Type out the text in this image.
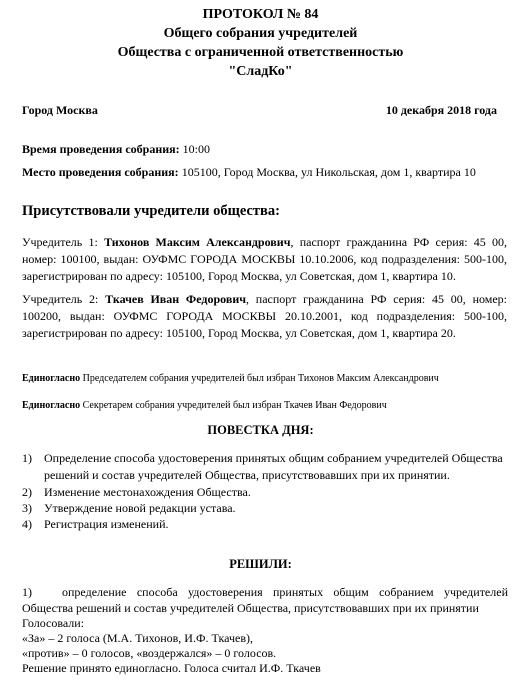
ПРОТОКОЛ № 84
Общего собрания учредителей
Общества с ограниченной ответственностью
"СладКо"
Город Москва	10 декабря 2018 года
Время проведения собрания: 10:00
Место проведения собрания: 105100, Город Москва, ул Никольская, дом 1, квартира 10
Присутствовали учредители общества:
Учредитель 1: Тихонов Максим Александрович, паспорт гражданина РФ серия: 45 00,
номер: 100100, выдан: ОУФМС ГОРОДА МОСКВЫ 10.10.2006, код подразделения: 500-100,
зарегистрирован по адресу: 105100, Город Москва, ул Советская, дом 1, квартира 10.
Учредитель 2: Ткачев Иван Федорович, паспорт гражданина РФ серия: 45 00, номер:
100200, выдан: ОУФМС ГОРОДА МОСКВЫ 20.10.2001, код подразделения: 500-100,
зарегистрирован по адресу: 105100, Город Москва, ул Советская, дом 1, квартира 20.
Единогласно Председателем собрания учредителей был избран Тихонов Максим Александрович
Единогласно Секретарем собрания учредителей был избран Ткачев Иван Федорович
ПОВЕСТКА ДНЯ:
1) Определение способа удостоверения принятых общим собранием учредителей Общества
решений и состав учредителей Общества, присутствовавших при их принятии.
2) Изменение местонахождения Общества.
3) Утверждение новой редакции устава.
4) Регистрация изменений.
РЕШИЛИ:
1)	определение способа удостоверения принятых общим собранием учредителей
Общества решений и состав учредителей Общества, присутствовавших при их принятии
Голосовали:
«За» – 2 голоса (М.А. Тихонов, И.Ф. Ткачев),
«против» – 0 голосов, «воздержался» – 0 голосов.
Решение принято единогласно. Голоса считал И.Ф. Ткачев
